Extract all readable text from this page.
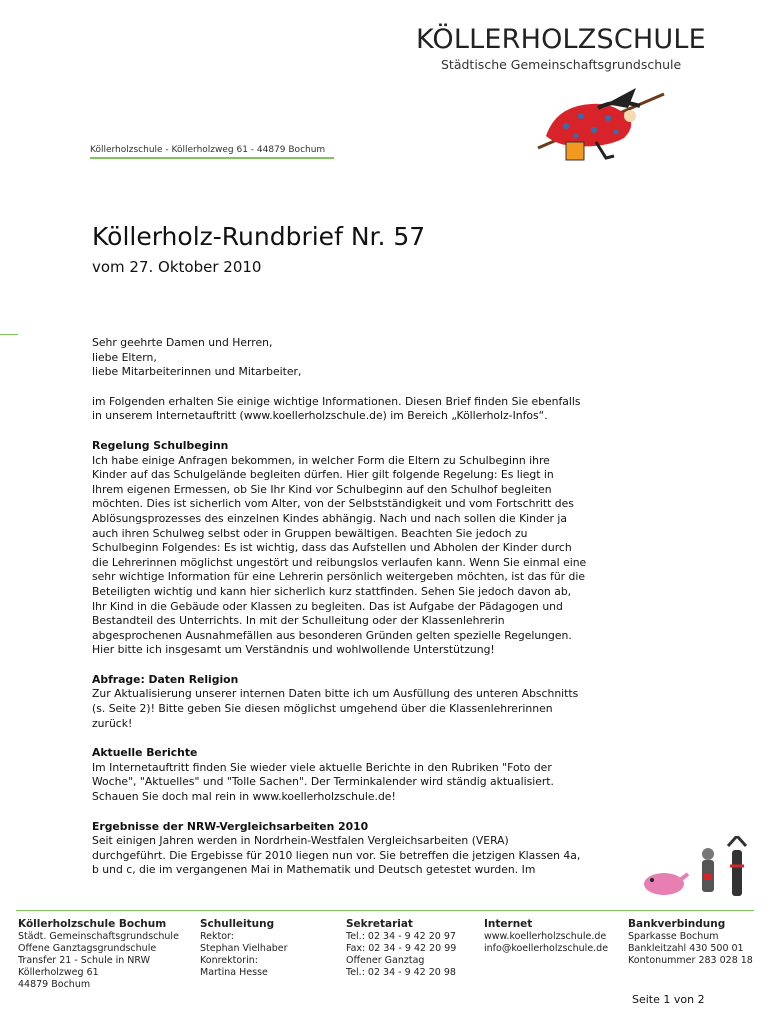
KÖLLERHOLZSCHULE
Städtische Gemeinschaftsgrundschule
Köllerholzschule - Köllerholzweg 61 - 44879 Bochum
Köllerholz-Rundbrief Nr. 57
vom 27. Oktober 2010

Sehr geehrte Damen und Herren,

liebe Eltern,

liebe Mitarbeiterinnen und Mitarbeiter,

im Folgenden erhalten Sie einige wichtige Informationen. Diesen Brief finden Sie ebenfalls

in unserem Internetauftritt (www.koellerholzschule.de) im Bereich „Köllerholz-Infos“.

Regelung Schulbeginn

Ich habe einige Anfragen bekommen, in welcher Form die Eltern zu Schulbeginn ihre

Kinder auf das Schulgelände begleiten dürfen. Hier gilt folgende Regelung: Es liegt in

Ihrem eigenen Ermessen, ob Sie Ihr Kind vor Schulbeginn auf den Schulhof begleiten

möchten. Dies ist sicherlich vom Alter, von der Selbstständigkeit und vom Fortschritt des

Ablösungsprozesses des einzelnen Kindes abhängig. Nach und nach sollen die Kinder ja

auch ihren Schulweg selbst oder in Gruppen bewältigen. Beachten Sie jedoch zu

Schulbeginn Folgendes: Es ist wichtig, dass das Aufstellen und Abholen der Kinder durch

die Lehrerinnen möglichst ungestört und reibungslos verlaufen kann. Wenn Sie einmal eine

sehr wichtige Information für eine Lehrerin persönlich weitergeben möchten, ist das für die

Beteiligten wichtig und kann hier sicherlich kurz stattfinden. Sehen Sie jedoch davon ab,

Ihr Kind in die Gebäude oder Klassen zu begleiten. Das ist Aufgabe der Pädagogen und

Bestandteil des Unterrichts. In mit der Schulleitung oder der Klassenlehrerin

abgesprochenen Ausnahmefällen aus besonderen Gründen gelten spezielle Regelungen.

Hier bitte ich insgesamt um Verständnis und wohlwollende Unterstützung!

Abfrage: Daten Religion

Zur Aktualisierung unserer internen Daten bitte ich um Ausfüllung des unteren Abschnitts

(s. Seite 2)! Bitte geben Sie diesen möglichst umgehend über die Klassenlehrerinnen

zurück!

Aktuelle Berichte

Im Internetauftritt finden Sie wieder viele aktuelle Berichte in den Rubriken "Foto der

Woche", "Aktuelles" und "Tolle Sachen". Der Terminkalender wird ständig aktualisiert.

Schauen Sie doch mal rein in www.koellerholzschule.de!

Ergebnisse der NRW-Vergleichsarbeiten 2010

Seit einigen Jahren werden in Nordrhein-Westfalen Vergleichsarbeiten (VERA)

durchgeführt. Die Ergebisse für 2010 liegen nun vor. Sie betreffen die jetzigen Klassen 4a,

b und c, die im vergangenen Mai in Mathematik und Deutsch getestet wurden. Im

Köllerholzschule Bochum
Städt. Gemeinschaftsgrundschule
Offene Ganztagsgrundschule
Transfer 21 - Schule in NRW
Köllerholzweg 61
44879 Bochum
Schulleitung
Rektor:
Stephan Vielhaber
Konrektorin:
Martina Hesse
Sekretariat
Tel.: 02 34 - 9 42 20 97
Fax: 02 34 - 9 42 20 99
Offener Ganztag
Tel.: 02 34 - 9 42 20 98
Internet
www.koellerholzschule.de
info@koellerholzschule.de
Bankverbindung
Sparkasse Bochum
Bankleitzahl 430 500 01
Kontonummer 283 028 18
Seite 1 von 2
